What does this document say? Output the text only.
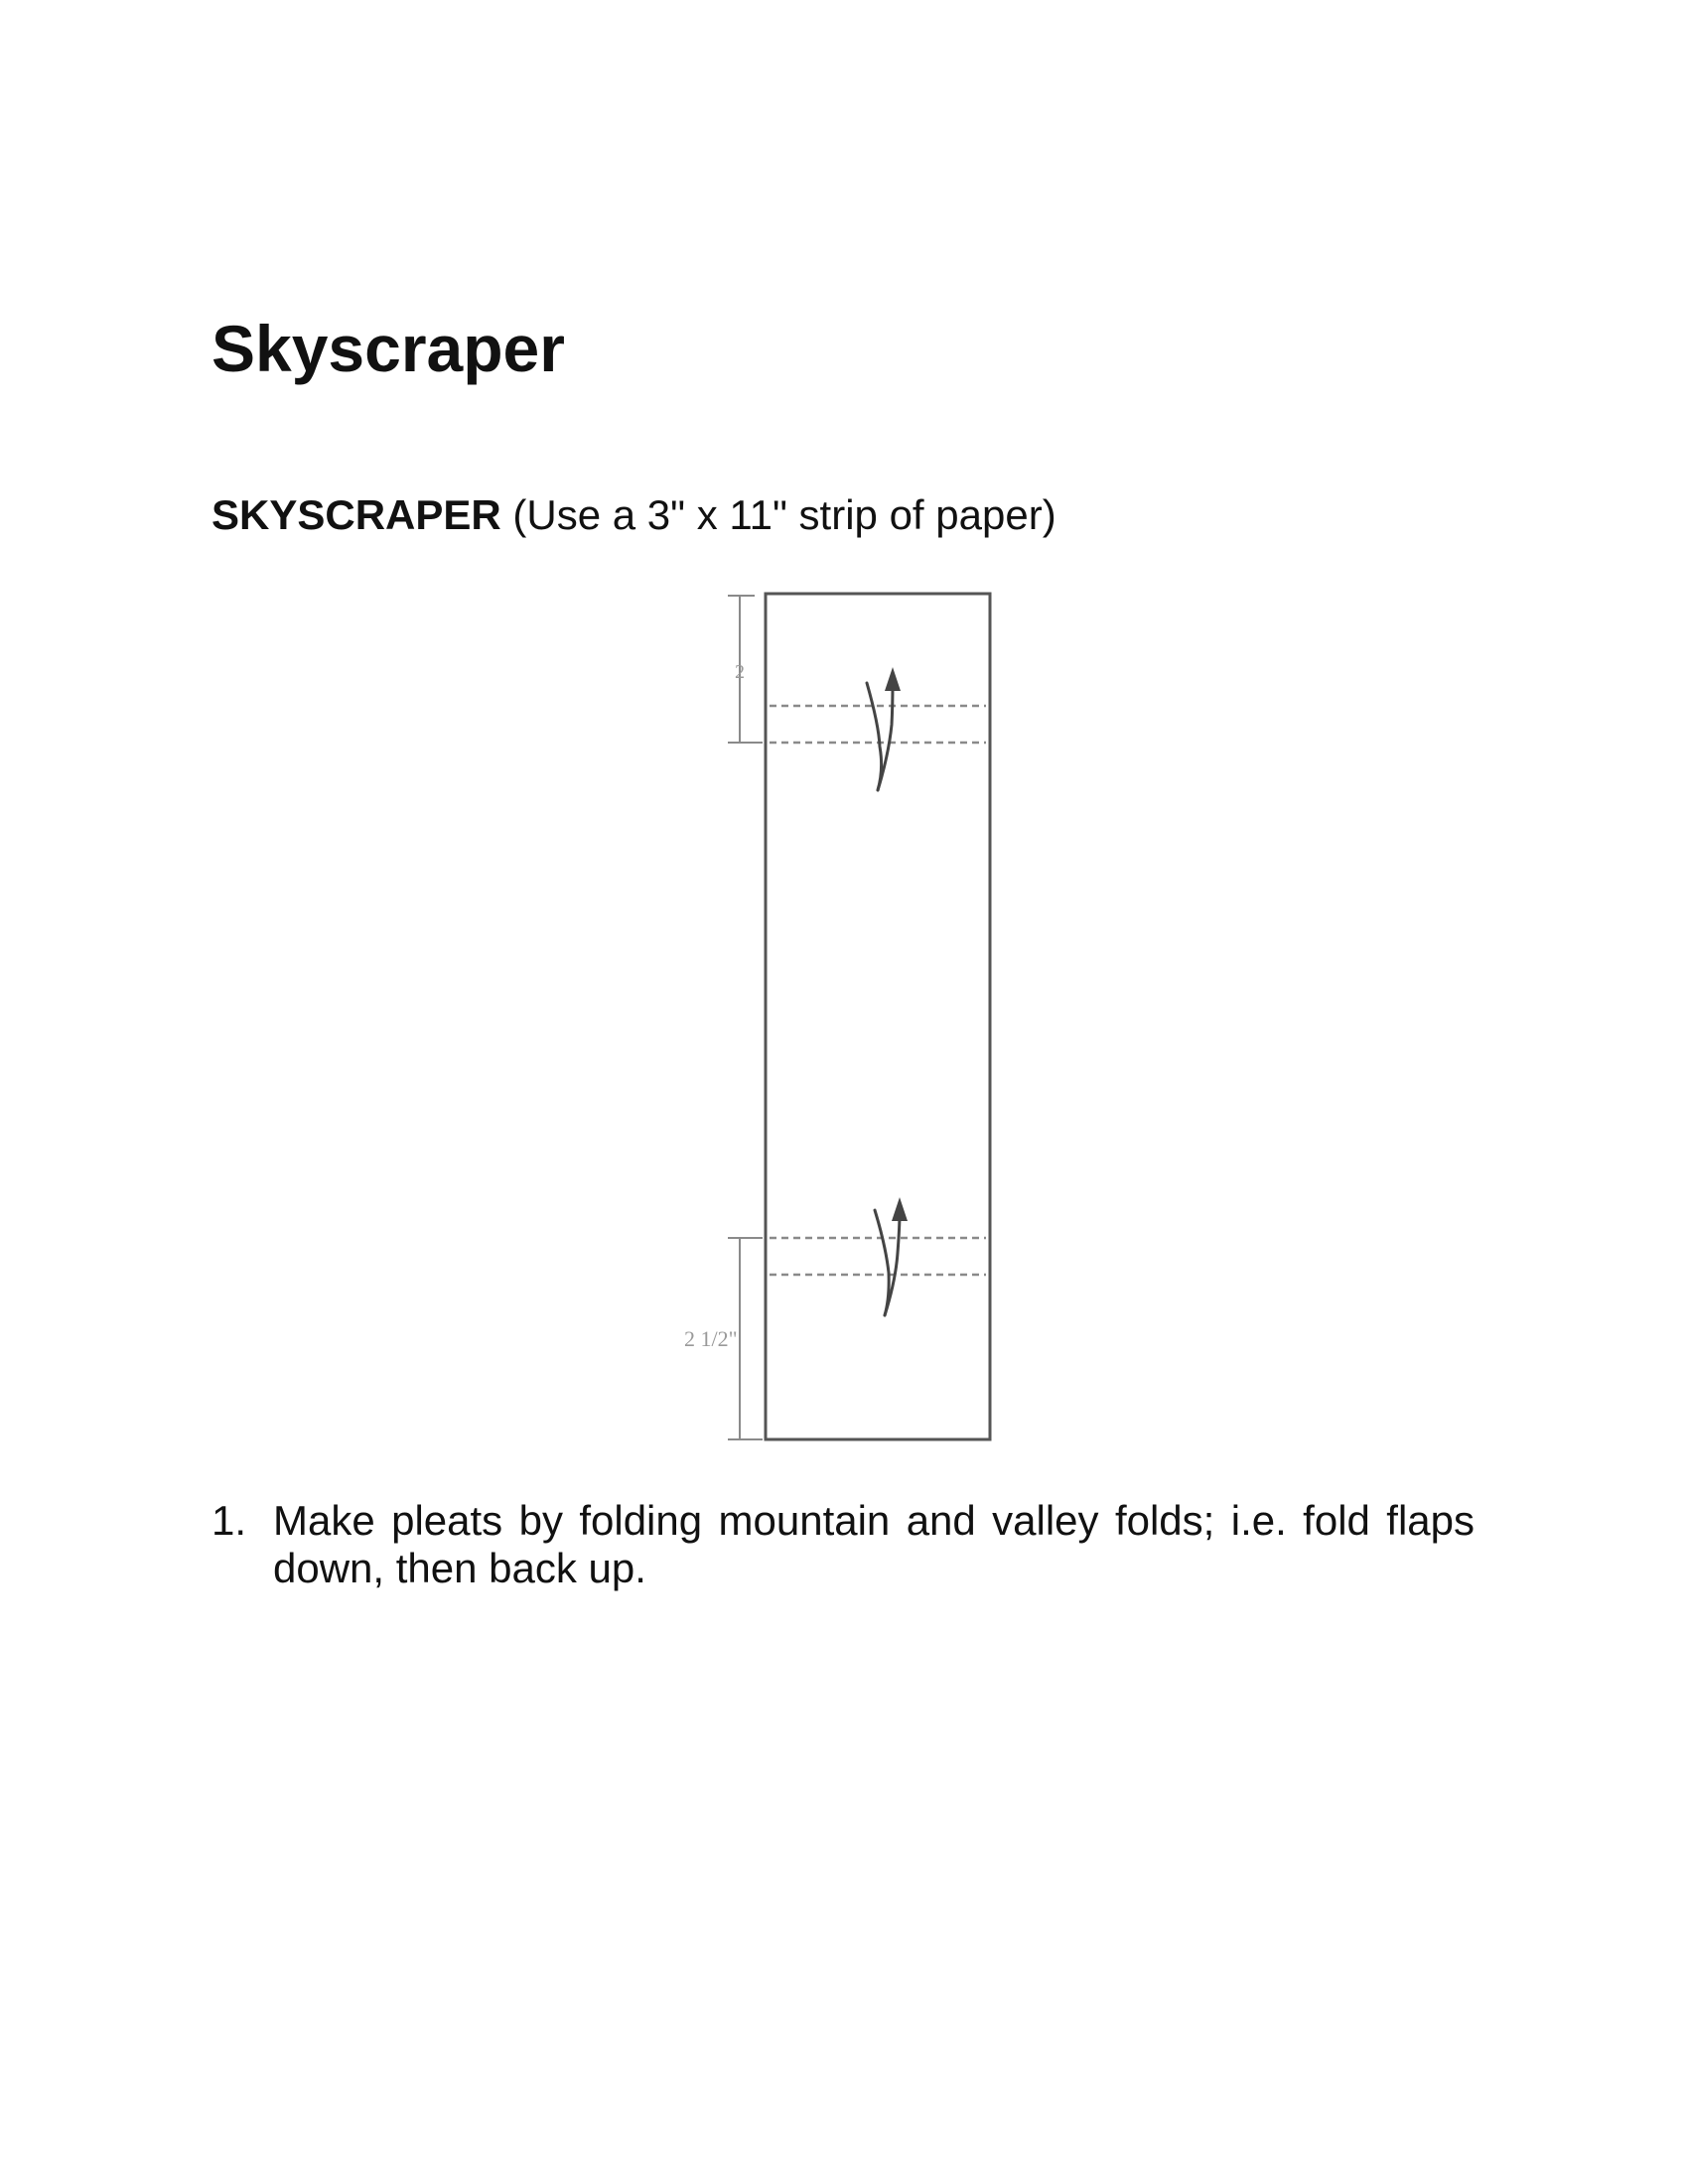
Skyscraper

SKYSCRAPER (Use a 3" x 11" strip of paper)

2
2 1/2"
1. Make pleats by folding mountain and valley folds; i.e. fold flaps down, then back up.
